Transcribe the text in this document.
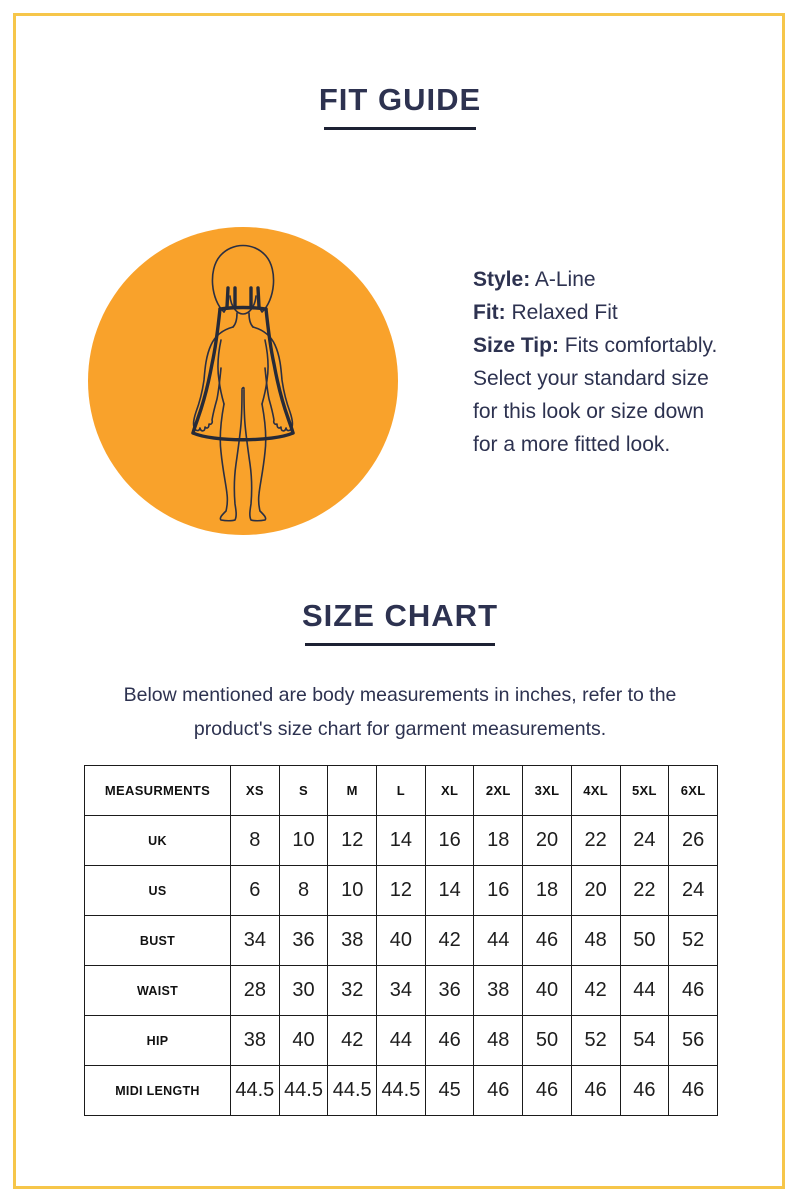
FIT GUIDE

Style: A-Line

Fit: Relaxed Fit

Size Tip: Fits comfortably. Select your standard size for this look or size down for a more fitted look.

SIZE CHART
Below mentioned are body measurements in inches, refer to the product's size chart for garment measurements.
MEASURMENTS	XS	S	M	L	XL	2XL	3XL	4XL	5XL	6XL
UK	8	10	12	14	16	18	20	22	24	26
US	6	8	10	12	14	16	18	20	22	24
BUST	34	36	38	40	42	44	46	48	50	52
WAIST	28	30	32	34	36	38	40	42	44	46
HIP	38	40	42	44	46	48	50	52	54	56
MIDI LENGTH	44.5	44.5	44.5	44.5	45	46	46	46	46	46
